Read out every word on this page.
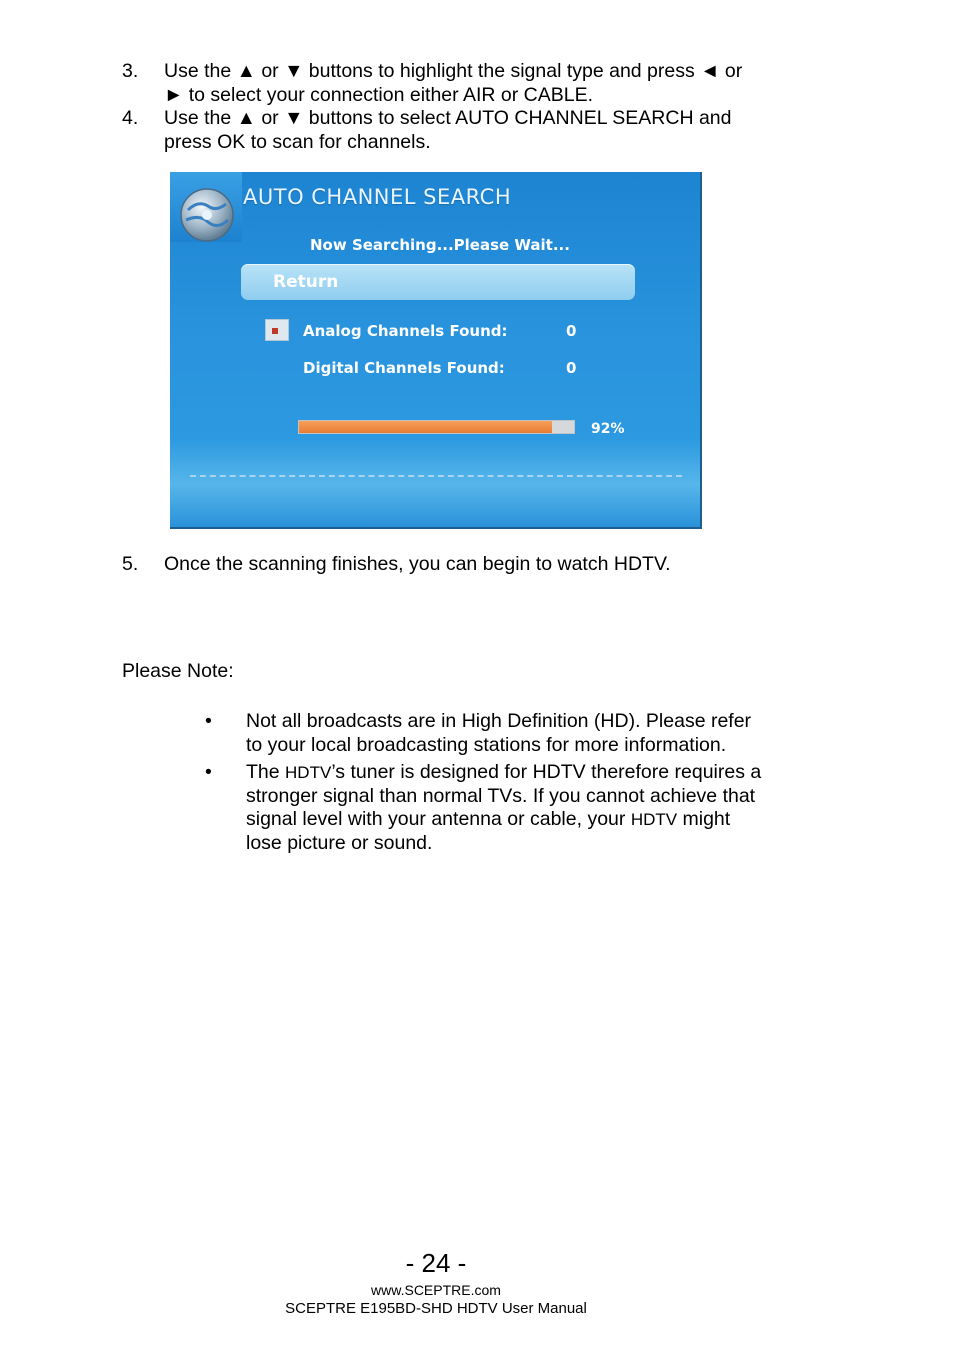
3. Use the ▲ or ▼ buttons to highlight the signal type and press ◄ or
► to select your connection either AIR or CABLE.
4. Use the ▲ or ▼ buttons to select AUTO CHANNEL SEARCH and
press OK to scan for channels.
AUTO CHANNEL SEARCH
Now Searching...Please Wait...
Return
Analog Channels Found:	0
Digital Channels Found:	0
92%
5. Once the scanning finishes, you can begin to watch HDTV.
Please Note:
• Not all broadcasts are in High Definition (HD). Please refer
to your local broadcasting stations for more information.
• The HDTV’s tuner is designed for HDTV therefore requires a
stronger signal than normal TVs. If you cannot achieve that
signal level with your antenna or cable, your HDTV might
lose picture or sound.
- 24 -
www.SCEPTRE.com
SCEPTRE E195BD-SHD HDTV User Manual
